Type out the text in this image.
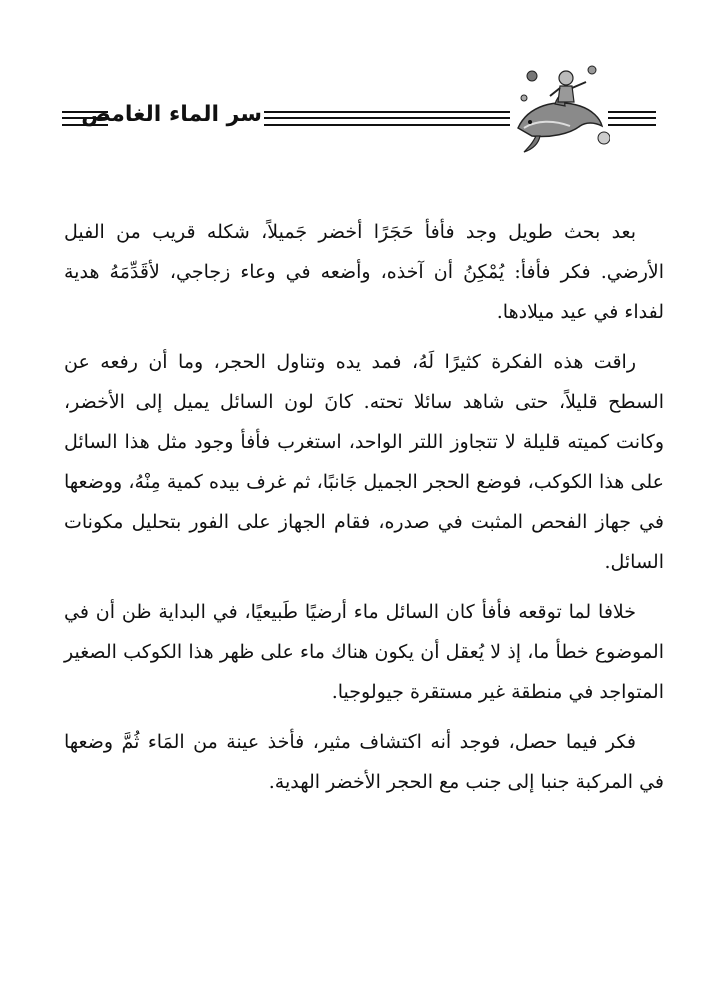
سر الماء الغامض

بعد بحث طويل وجد فأفأ حَجَرًا أخضر جَميلاً، شكله قريب من الفيل الأرضي. فكر فأفأ: يُمْكِنُ أن آخذه، وأضعه في وعاء زجاجي، لأقَدِّمَهُ هدية لفداء في عيد ميلادها.

راقت هذه الفكرة كثيرًا لَهُ، فمد يده وتناول الحجر، وما أن رفعه عن السطح قليلاً، حتى شاهد سائلا تحته. كانَ لون السائل يميل إلى الأخضر، وكانت كميته قليلة لا تتجاوز اللتر الواحد، استغرب فأفأ وجود مثل هذا السائل على هذا الكوكب، فوضع الحجر الجميل جَانبًا، ثم غرف بيده كمية مِنْهُ، ووضعها في جهاز الفحص المثبت في صدره، فقام الجهاز على الفور بتحليل مكونات السائل.

خلافا لما توقعه فأفأ كان السائل ماء أرضيًا طَبيعيًا، في البداية ظن أن في الموضوع خطأ ما، إذ لا يُعقل أن يكون هناك ماء على ظهر هذا الكوكب الصغير المتواجد في منطقة غير مستقرة جيولوجيا.

فكر فيما حصل، فوجد أنه اكتشاف مثير، فأخذ عينة من المَاء ثُمَّ وضعها في المركبة جنبا إلى جنب مع الحجر الأخضر الهدية.
